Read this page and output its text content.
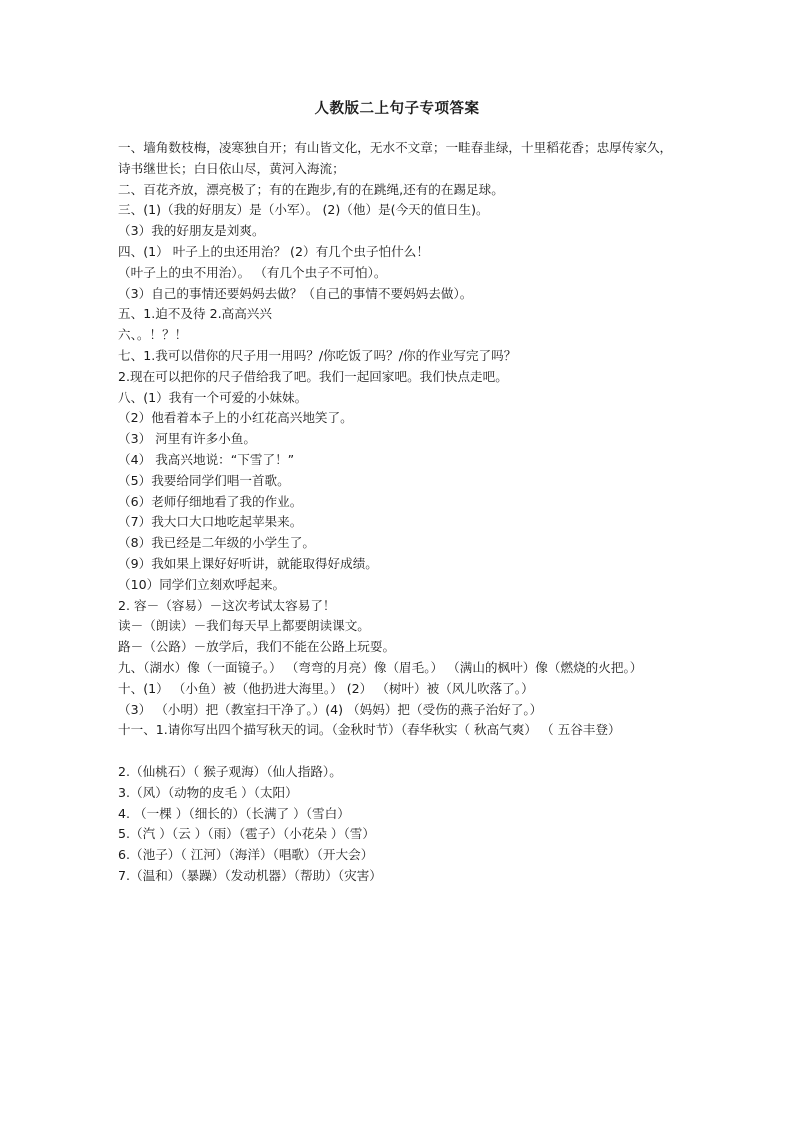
人教版二上句子专项答案
一、墙角数枝梅，凌寒独自开；有山皆文化，无水不文章；一畦春韭绿，十里稻花香；忠厚传家久，诗书继世长；白日依山尽，黄河入海流；
二、百花齐放，漂亮极了；有的在跑步,有的在跳绳,还有的在踢足球。
三、(1)（我的好朋友）是（小军）。 (2)（他）是(今天的值日生)。
（3）我的好朋友是刘爽。
四、(1） 叶子上的虫还用治？ (2）有几个虫子怕什么！
（叶子上的虫不用治）。 （有几个虫子不可怕）。
（3）自己的事情还要妈妈去做？（自己的事情不要妈妈去做）。
五、1.迫不及待 2.高高兴兴
六、。！？！
七、1.我可以借你的尺子用一用吗？/你吃饭了吗？/你的作业写完了吗？
2.现在可以把你的尺子借给我了吧。我们一起回家吧。我们快点走吧。
八、(1）我有一个可爱的小妹妹。
（2）他看着本子上的小红花高兴地笑了。
（3） 河里有许多小鱼。
（4） 我高兴地说：“下雪了！”
（5）我要给同学们唱一首歌。
（6）老师仔细地看了我的作业。
（7）我大口大口地吃起苹果来。
（8）我已经是二年级的小学生了。
（9）我如果上课好好听讲，就能取得好成绩。
（10）同学们立刻欢呼起来。
2. 容－（容易）－这次考试太容易了！
读－（朗读）－我们每天早上都要朗读课文。
路－（公路）－放学后，我们不能在公路上玩耍。
九、（湖水）像（一面镜子。） （弯弯的月亮）像（眉毛。） （满山的枫叶）像（燃烧的火把。）
十、(1） （小鱼）被（他扔进大海里。） (2） （树叶）被（风儿吹落了。）
（3） （小明）把（教室扫干净了。）(4) （妈妈）把（受伤的燕子治好了。）
十一、1.请你写出四个描写秋天的词。（金秋时节）（春华秋实（ 秋高气爽） （ 五谷丰登）
2.（仙桃石）（ 猴子观海）（仙人指路）。
3.（风）（动物的皮毛 ）（太阳）
4. （一棵 ）（细长的）（长满了 ）（雪白）
5.（汽 ）（云 ）（雨）（雹子）（小花朵 ）（雪）
6.（池子）（ 江河）（海洋）（唱歌）（开大会）
7.（温和）（暴躁）（发动机器）（帮助）（灾害）
